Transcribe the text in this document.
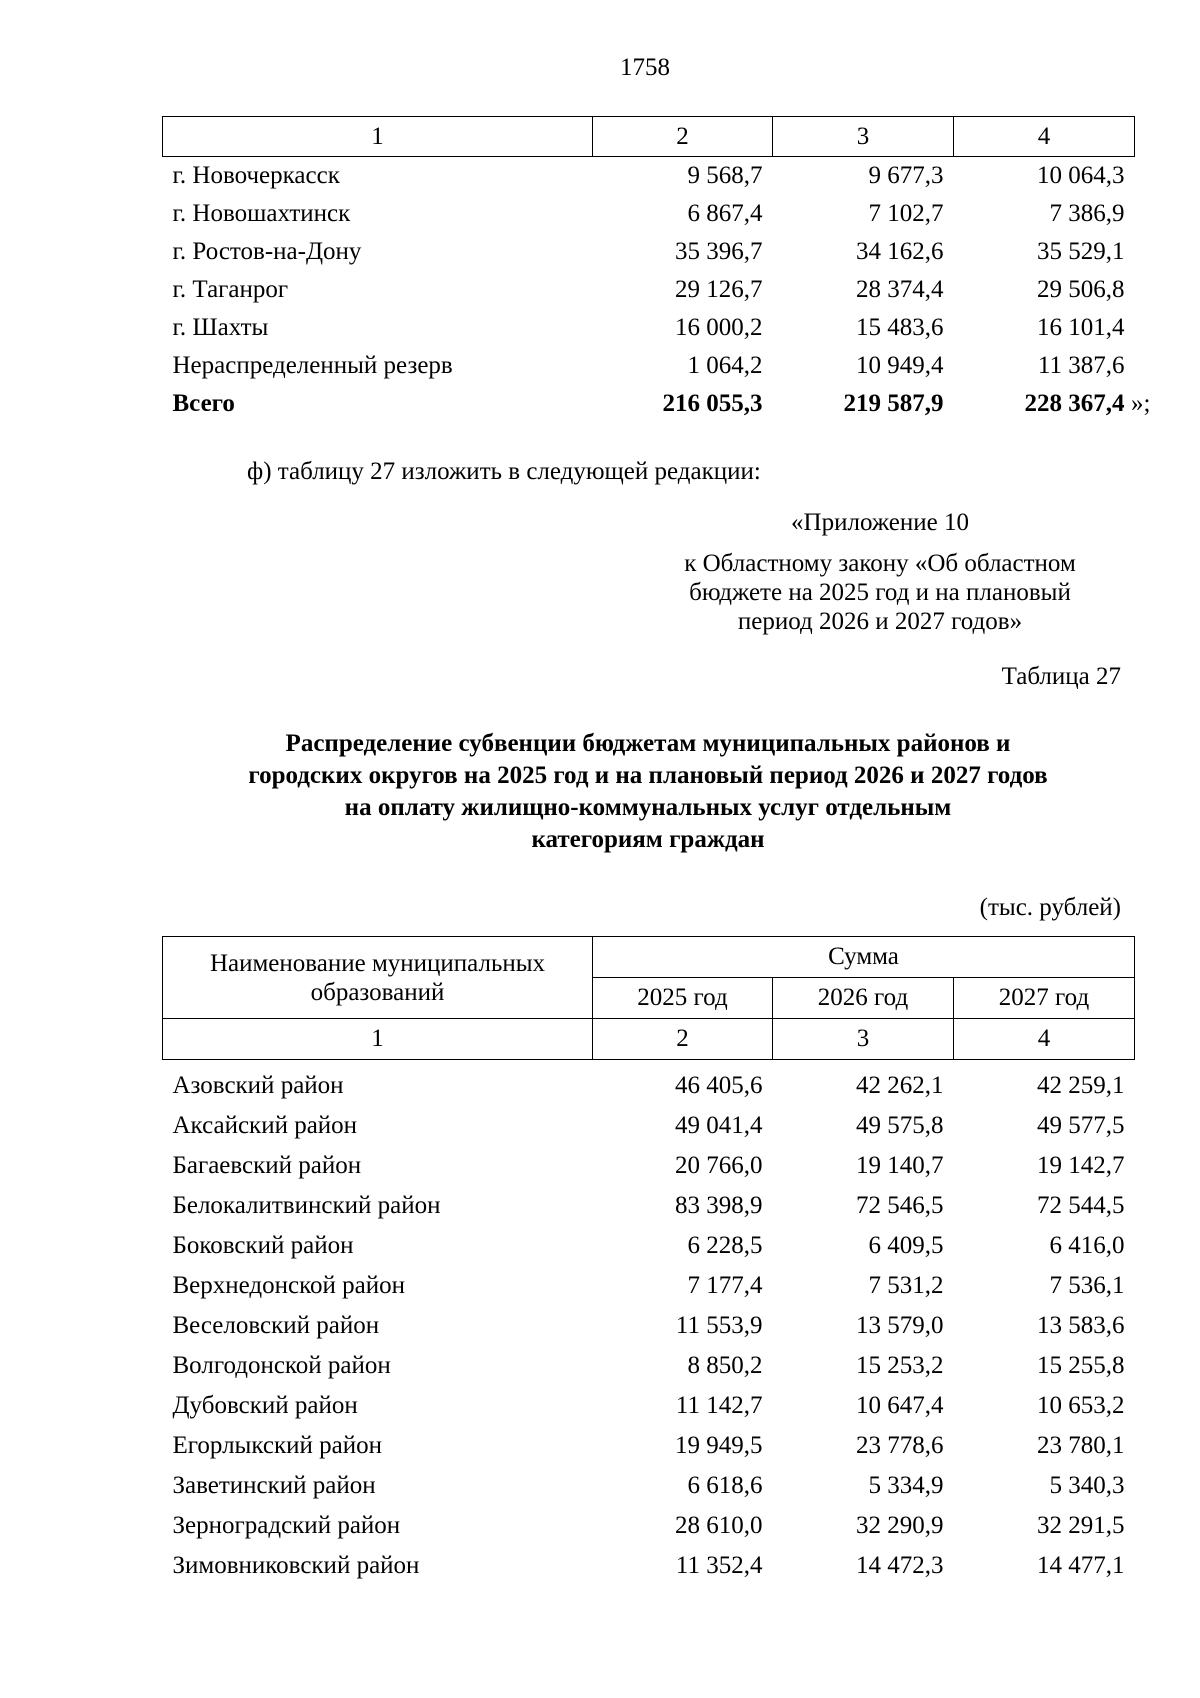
1758
1	2	3	4
г. Новочеркасск	9 568,7	9 677,3	10 064,3
г. Новошахтинск	6 867,4	7 102,7	7 386,9
г. Ростов-на-Дону	35 396,7	34 162,6	35 529,1
г. Таганрог	29 126,7	28 374,4	29 506,8
г. Шахты	16 000,2	15 483,6	16 101,4
Нераспределенный резерв	1 064,2	10 949,4	11 387,6
Всего	216 055,3	219 587,9	228 367,4 »;
ф) таблицу 27 изложить в следующей редакции:
«Приложение 10
к Областному закону «Об областном
бюджете на 2025 год и на плановый
период 2026 и 2027 годов»
Таблица 27
Распределение субвенции бюджетам муниципальных районов и
городских округов на 2025 год и на плановый период 2026 и 2027 годов
на оплату жилищно-коммунальных услуг отдельным
категориям граждан
(тыс. рублей)
Наименование муниципальных образований	Сумма		
	2025 год	2026 год	2027 год
1	2	3	4
Азовский район	46 405,6	42 262,1	42 259,1
Аксайский район	49 041,4	49 575,8	49 577,5
Багаевский район	20 766,0	19 140,7	19 142,7
Белокалитвинский район	83 398,9	72 546,5	72 544,5
Боковский район	6 228,5	6 409,5	6 416,0
Верхнедонской район	7 177,4	7 531,2	7 536,1
Веселовский район	11 553,9	13 579,0	13 583,6
Волгодонской район	8 850,2	15 253,2	15 255,8
Дубовский район	11 142,7	10 647,4	10 653,2
Егорлыкский район	19 949,5	23 778,6	23 780,1
Заветинский район	6 618,6	5 334,9	5 340,3
Зерноградский район	28 610,0	32 290,9	32 291,5
Зимовниковский район	11 352,4	14 472,3	14 477,1
